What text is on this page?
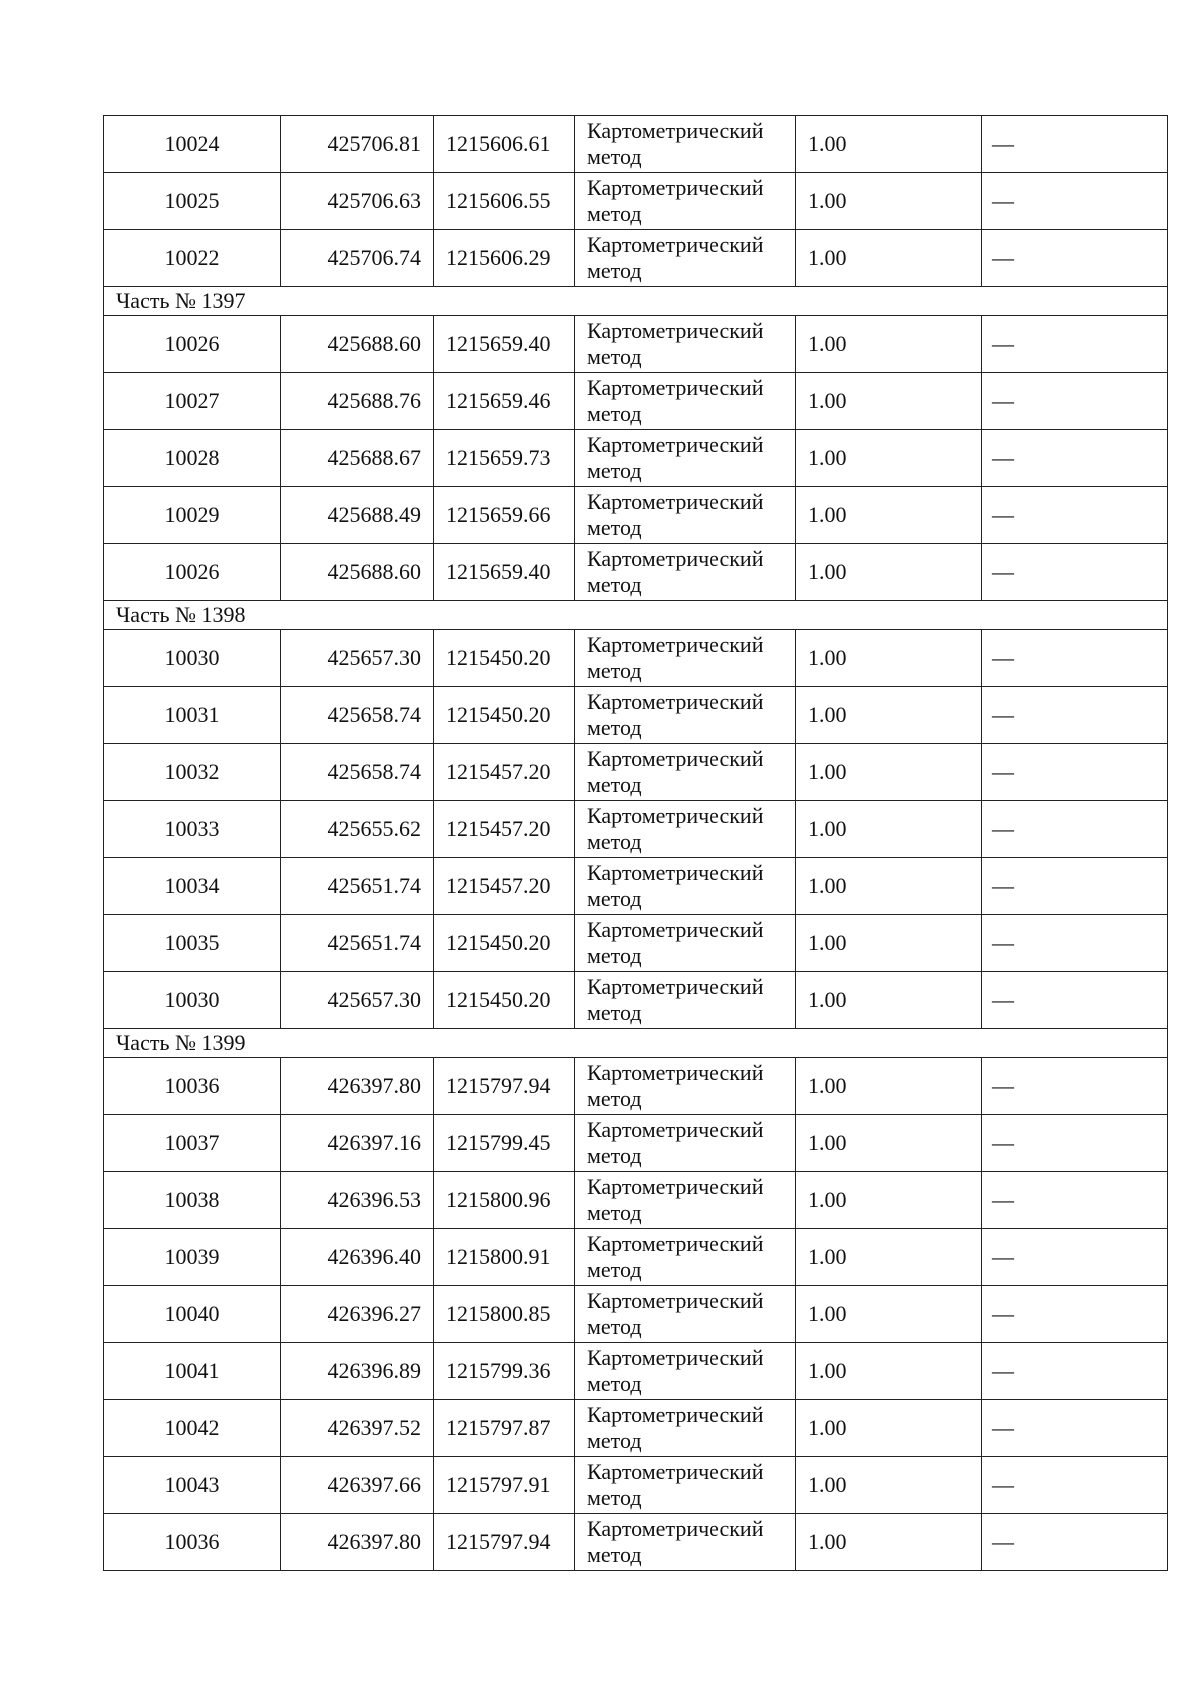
10024	425706.81	1215606.61	Картометрический метод	1.00	—
10025	425706.63	1215606.55	Картометрический метод	1.00	—
10022	425706.74	1215606.29	Картометрический метод	1.00	—
Часть № 1397					
10026	425688.60	1215659.40	Картометрический метод	1.00	—
10027	425688.76	1215659.46	Картометрический метод	1.00	—
10028	425688.67	1215659.73	Картометрический метод	1.00	—
10029	425688.49	1215659.66	Картометрический метод	1.00	—
10026	425688.60	1215659.40	Картометрический метод	1.00	—
Часть № 1398					
10030	425657.30	1215450.20	Картометрический метод	1.00	—
10031	425658.74	1215450.20	Картометрический метод	1.00	—
10032	425658.74	1215457.20	Картометрический метод	1.00	—
10033	425655.62	1215457.20	Картометрический метод	1.00	—
10034	425651.74	1215457.20	Картометрический метод	1.00	—
10035	425651.74	1215450.20	Картометрический метод	1.00	—
10030	425657.30	1215450.20	Картометрический метод	1.00	—
Часть № 1399					
10036	426397.80	1215797.94	Картометрический метод	1.00	—
10037	426397.16	1215799.45	Картометрический метод	1.00	—
10038	426396.53	1215800.96	Картометрический метод	1.00	—
10039	426396.40	1215800.91	Картометрический метод	1.00	—
10040	426396.27	1215800.85	Картометрический метод	1.00	—
10041	426396.89	1215799.36	Картометрический метод	1.00	—
10042	426397.52	1215797.87	Картометрический метод	1.00	—
10043	426397.66	1215797.91	Картометрический метод	1.00	—
10036	426397.80	1215797.94	Картометрический метод	1.00	—
